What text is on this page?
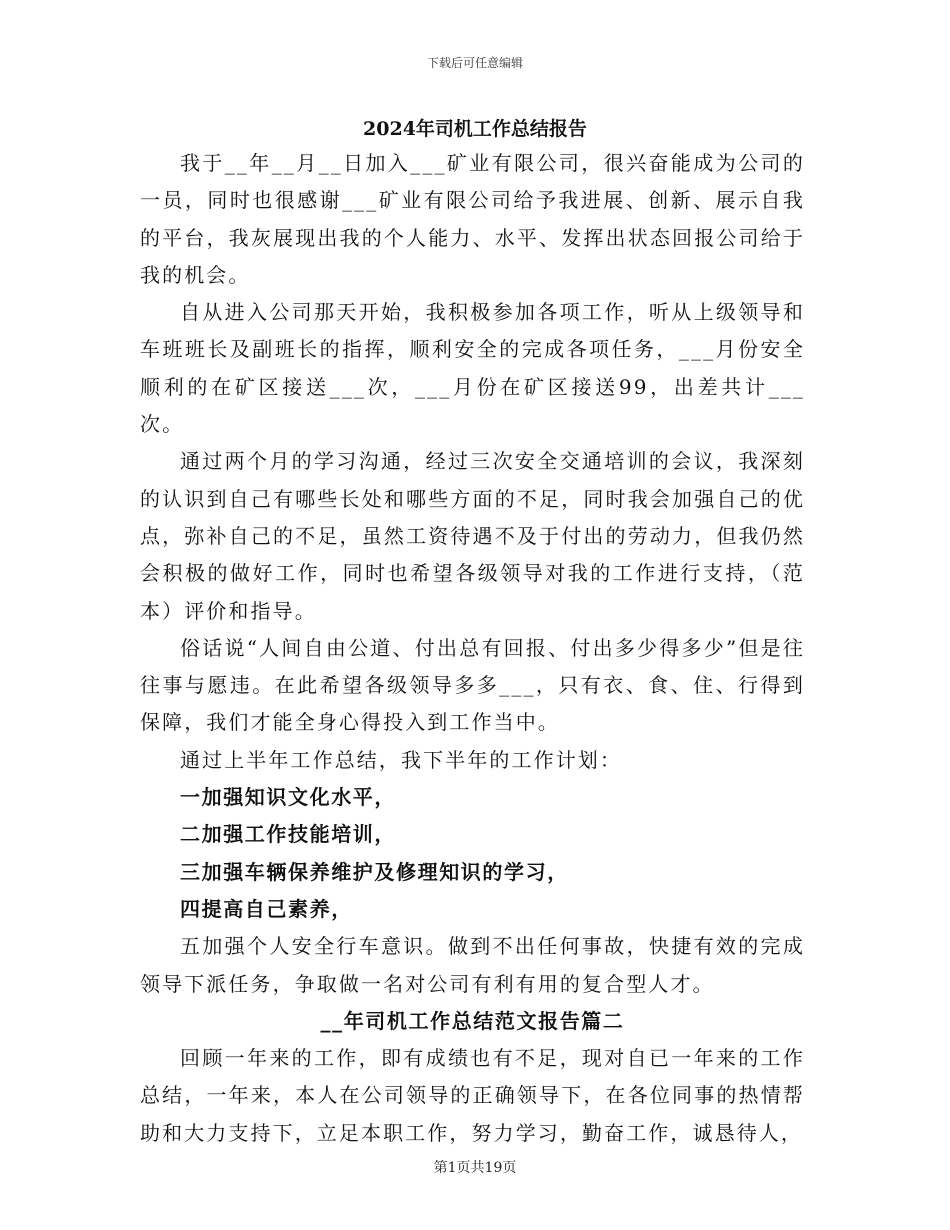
下载后可任意编辑
2024年司机工作总结报告

我于__年__月__日加入___矿业有限公司，很兴奋能成为公司的一员，同时也很感谢___矿业有限公司给予我进展、创新、展示自我的平台，我灰展现出我的个人能力、水平、发挥出状态回报公司给于我的机会。

自从进入公司那天开始，我积极参加各项工作，听从上级领导和车班班长及副班长的指挥，顺利安全的完成各项任务，___月份安全顺利的在矿区接送___次，___月份在矿区接送99，出差共计___次。

通过两个月的学习沟通，经过三次安全交通培训的会议，我深刻的认识到自己有哪些长处和哪些方面的不足，同时我会加强自己的优点，弥补自己的不足，虽然工资待遇不及于付出的劳动力，但我仍然会积极的做好工作，同时也希望各级领导对我的工作进行支持，（范本）评价和指导。

俗话说“人间自由公道、付出总有回报、付出多少得多少”但是往往事与愿违。在此希望各级领导多多___，只有衣、食、住、行得到保障，我们才能全身心得投入到工作当中。

通过上半年工作总结，我下半年的工作计划：

一加强知识文化水平，

二加强工作技能培训，

三加强车辆保养维护及修理知识的学习，

四提高自己素养，

五加强个人安全行车意识。做到不出任何事故，快捷有效的完成领导下派任务，争取做一名对公司有利有用的复合型人才。

__年司机工作总结范文报告篇二

回顾一年来的工作，即有成绩也有不足，现对自已一年来的工作总结，一年来，本人在公司领导的正确领导下，在各位同事的热情帮助和大力支持下，立足本职工作，努力学习，勤奋工作，诚恳待人，

第1页共19页
